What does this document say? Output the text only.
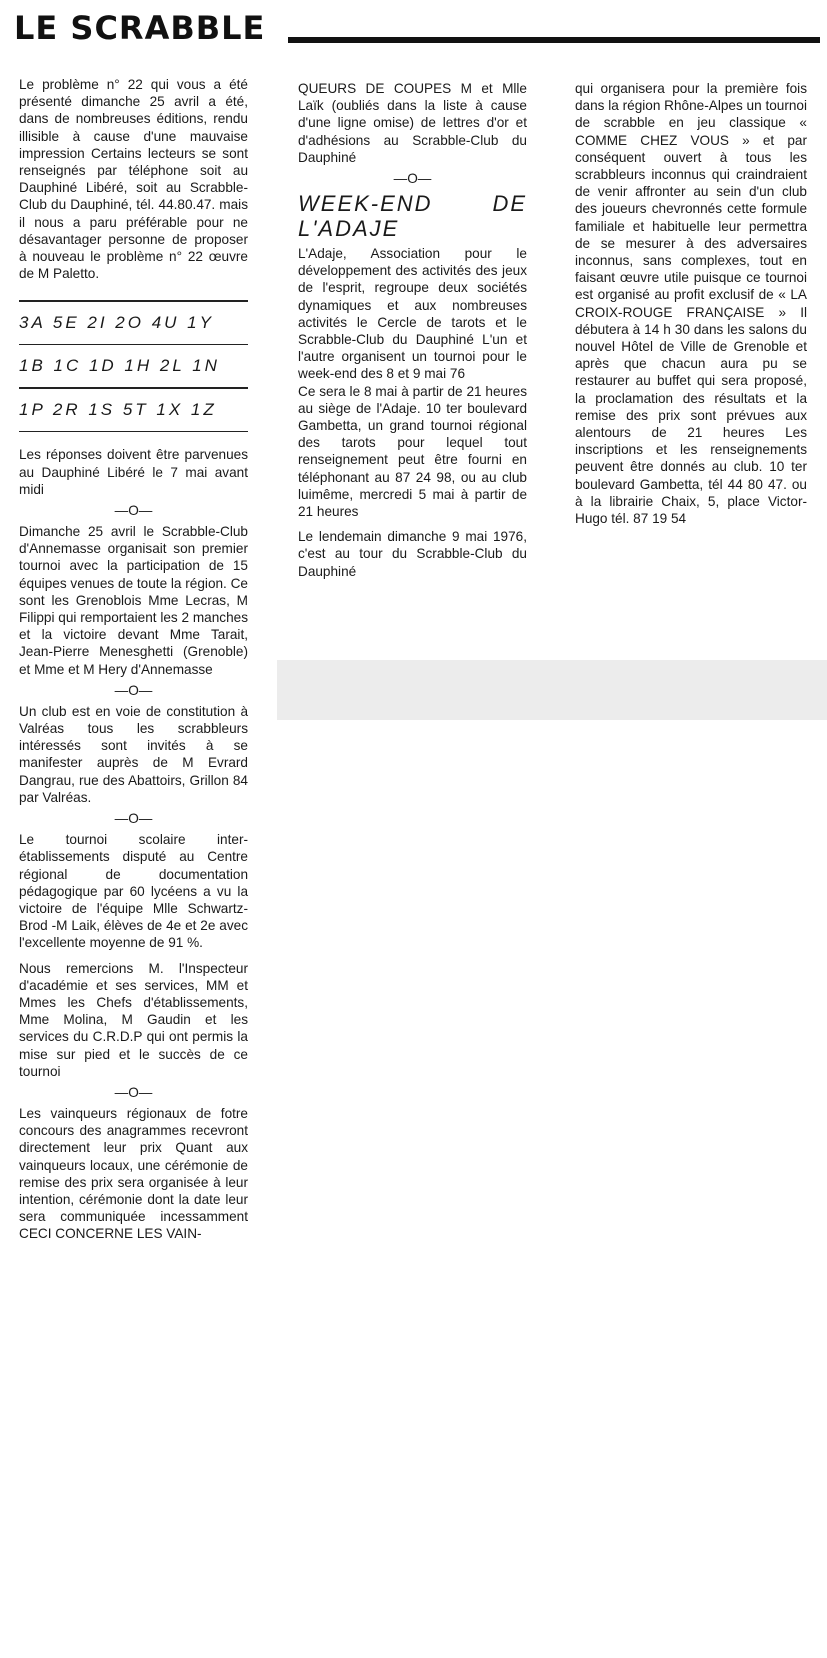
LE SCRABBLE

Le problème n° 22 qui vous a été présenté dimanche 25 avril a été, dans de nombreuses éditions, rendu illisible à cause d'une mauvaise impression Certains lecteurs se sont renseignés par téléphone soit au Dauphiné Libéré, soit au Scrabble-Club du Dauphiné, tél. 44.80.47. mais il nous a paru préférable pour ne désavantager personne de proposer à nouveau le problème n° 22 œuvre de M Paletto.

3A 5E 2I 2O 4U 1Y
1B 1C 1D 1H 2L 1N
1P 2R 1S 5T 1X 1Z

Les réponses doivent être parvenues au Dauphiné Libéré le 7 mai avant midi

—O—

Dimanche 25 avril le Scrabble-Club d'Annemasse organisait son premier tournoi avec la participation de 15 équipes venues de toute la région. Ce sont les Grenoblois Mme Lecras, M Filippi qui remportaient les 2 manches et la victoire devant Mme Tarait, Jean-Pierre Menesghetti (Grenoble) et Mme et M Hery d'Annemasse

—O—

Un club est en voie de constitution à Valréas tous les scrabbleurs intéressés sont invités à se manifester auprès de M Evrard Dangrau, rue des Abattoirs, Grillon 84 par Valréas.

—O—

Le tournoi scolaire inter-établissements disputé au Centre régional de documentation pédagogique par 60 lycéens a vu la victoire de l'équipe Mlle Schwartz-Brod -M Laik, élèves de 4e et 2e avec l'excellente moyenne de 91 %.

Nous remercions M. l'Inspecteur d'académie et ses services, MM et Mmes les Chefs d'établissements, Mme Molina, M Gaudin et les services du C.R.D.P qui ont permis la mise sur pied et le succès de ce tournoi

—O—

Les vainqueurs régionaux de fotre concours des anagrammes recevront directement leur prix Quant aux vainqueurs locaux, une cérémonie de remise des prix sera organisée à leur intention, cérémonie dont la date leur sera communiquée incessamment CECI CONCERNE LES VAIN-

QUEURS DE COUPES M et Mlle Laïk (oubliés dans la liste à cause d'une ligne omise) de lettres d'or et d'adhésions au Scrabble-Club du Dauphiné

—O—
WEEK-END	DE
L'ADAJE

L'Adaje, Association pour le développement des activités des jeux de l'esprit, regroupe deux sociétés dynamiques et aux nombreuses activités le Cercle de tarots et le Scrabble-Club du Dauphiné L'un et l'autre organisent un tournoi pour le week-end des 8 et 9 mai 76

Ce sera le 8 mai à partir de 21 heures au siège de l'Adaje. 10 ter boulevard Gambetta, un grand tournoi régional des tarots pour lequel tout renseignement peut être fourni en téléphonant au 87 24 98, ou au club luimême, mercredi 5 mai à partir de 21 heures

Le lendemain dimanche 9 mai 1976, c'est au tour du Scrabble-Club du Dauphiné

qui organisera pour la première fois dans la région Rhône-Alpes un tournoi de scrabble en jeu classique « COMME CHEZ VOUS » et par conséquent ouvert à tous les scrabbleurs inconnus qui craindraient de venir affronter au sein d'un club des joueurs chevronnés cette formule familiale et habituelle leur permettra de se mesurer à des adversaires inconnus, sans complexes, tout en faisant œuvre utile puisque ce tournoi est organisé au profit exclusif de « LA CROIX-ROUGE FRANÇAISE » Il débutera à 14 h 30 dans les salons du nouvel Hôtel de Ville de Grenoble et après que chacun aura pu se restaurer au buffet qui sera proposé, la proclamation des résultats et la remise des prix sont prévues aux alentours de 21 heures Les inscriptions et les renseignements peuvent être donnés au club. 10 ter boulevard Gambetta, tél 44 80 47. ou à la librairie Chaix, 5, place Victor-Hugo tél. 87 19 54
